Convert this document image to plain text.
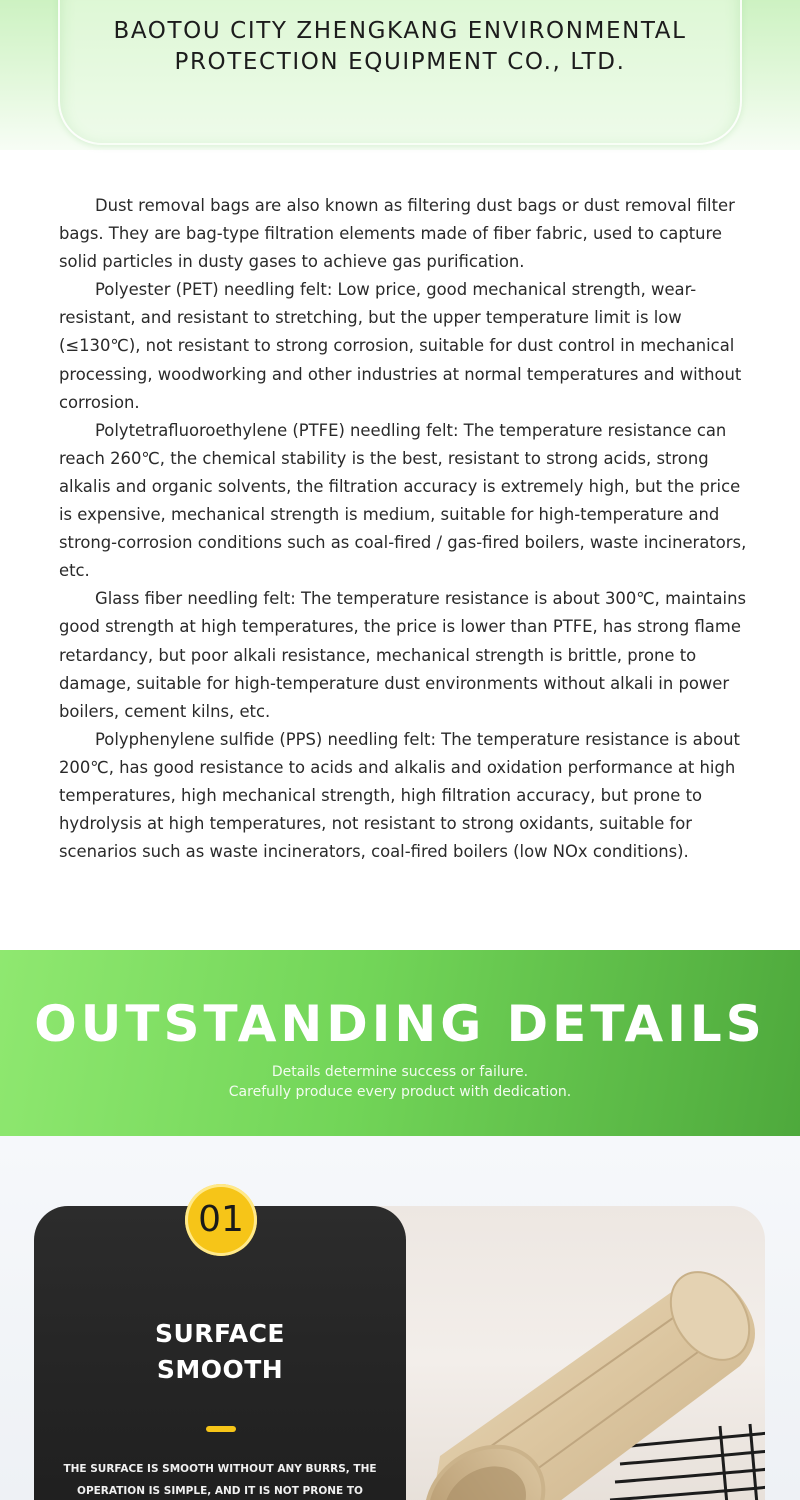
BAOTOU CITY ZHENGKANG ENVIRONMENTAL
PROTECTION EQUIPMENT CO., LTD.

Dust removal bags are also known as filtering dust bags or dust removal filter bags. They are bag-type filtration elements made of fiber fabric, used to capture solid particles in dusty gases to achieve gas purification.

Polyester (PET) needling felt: Low price, good mechanical strength, wear-resistant, and resistant to stretching, but the upper temperature limit is low (≤130℃), not resistant to strong corrosion, suitable for dust control in mechanical processing, woodworking and other industries at normal temperatures and without corrosion.

Polytetrafluoroethylene (PTFE) needling felt: The temperature resistance can reach 260℃, the chemical stability is the best, resistant to strong acids, strong alkalis and organic solvents, the filtration accuracy is extremely high, but the price is expensive, mechanical strength is medium, suitable for high-temperature and strong-corrosion conditions such as coal-fired / gas-fired boilers, waste incinerators, etc.

Glass fiber needling felt: The temperature resistance is about 300℃, maintains good strength at high temperatures, the price is lower than PTFE, has strong flame retardancy, but poor alkali resistance, mechanical strength is brittle, prone to damage, suitable for high-temperature dust environments without alkali in power boilers, cement kilns, etc.

Polyphenylene sulfide (PPS) needling felt: The temperature resistance is about 200℃, has good resistance to acids and alkalis and oxidation performance at high temperatures, high mechanical strength, high filtration accuracy, but prone to hydrolysis at high temperatures, not resistant to strong oxidants, suitable for scenarios such as waste incinerators, coal-fired boilers (low NOx conditions).

OUTSTANDING DETAILS
Details determine success or failure.
Carefully produce every product with dedication.
01
SURFACE
SMOOTH
THE SURFACE IS SMOOTH WITHOUT ANY BURRS, THE
OPERATION IS SIMPLE, AND IT IS NOT PRONE TO
